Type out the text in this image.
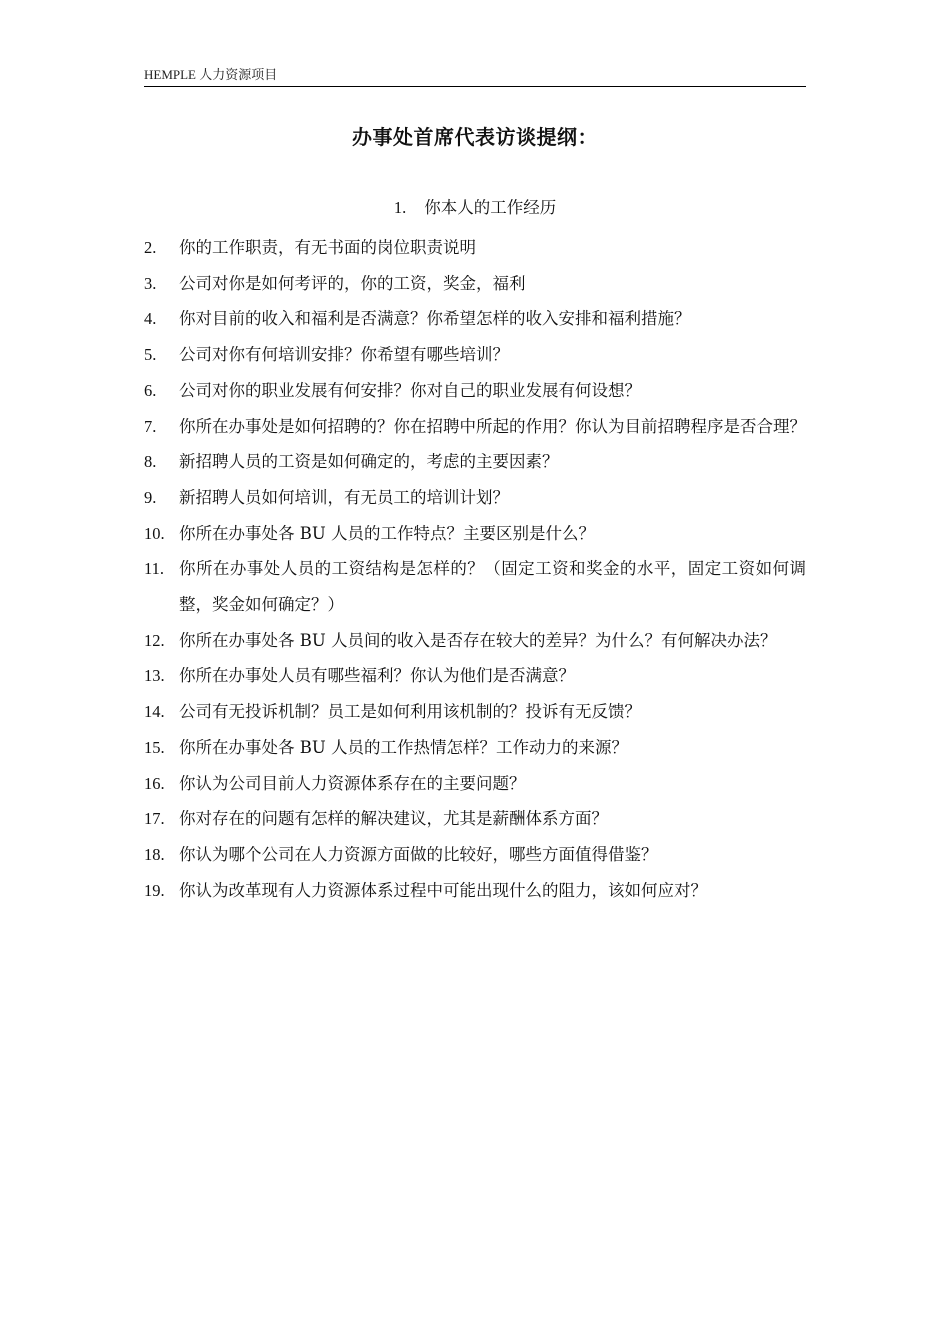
HEMPLE 人力资源项目
办事处首席代表访谈提纲：
1. 你本人的工作经历
2. 你的工作职责，有无书面的岗位职责说明
3. 公司对你是如何考评的，你的工资，奖金，福利
4. 你对目前的收入和福利是否满意？你希望怎样的收入安排和福利措施？
5. 公司对你有何培训安排？你希望有哪些培训？
6. 公司对你的职业发展有何安排？你对自己的职业发展有何设想？
7. 你所在办事处是如何招聘的？你在招聘中所起的作用？你认为目前招聘程序是否合理？
8. 新招聘人员的工资是如何确定的，考虑的主要因素？
9. 新招聘人员如何培训，有无员工的培训计划？
10. 你所在办事处各 BU 人员的工作特点？主要区别是什么？
11. 你所在办事处人员的工资结构是怎样的？（固定工资和奖金的水平，固定工资如何调整，奖金如何确定？）
12. 你所在办事处各 BU 人员间的收入是否存在较大的差异？为什么？有何解决办法？
13. 你所在办事处人员有哪些福利？你认为他们是否满意？
14. 公司有无投诉机制？员工是如何利用该机制的？投诉有无反馈？
15. 你所在办事处各 BU 人员的工作热情怎样？工作动力的来源？
16. 你认为公司目前人力资源体系存在的主要问题？
17. 你对存在的问题有怎样的解决建议，尤其是薪酬体系方面？
18. 你认为哪个公司在人力资源方面做的比较好，哪些方面值得借鉴？
19. 你认为改革现有人力资源体系过程中可能出现什么的阻力，该如何应对？
